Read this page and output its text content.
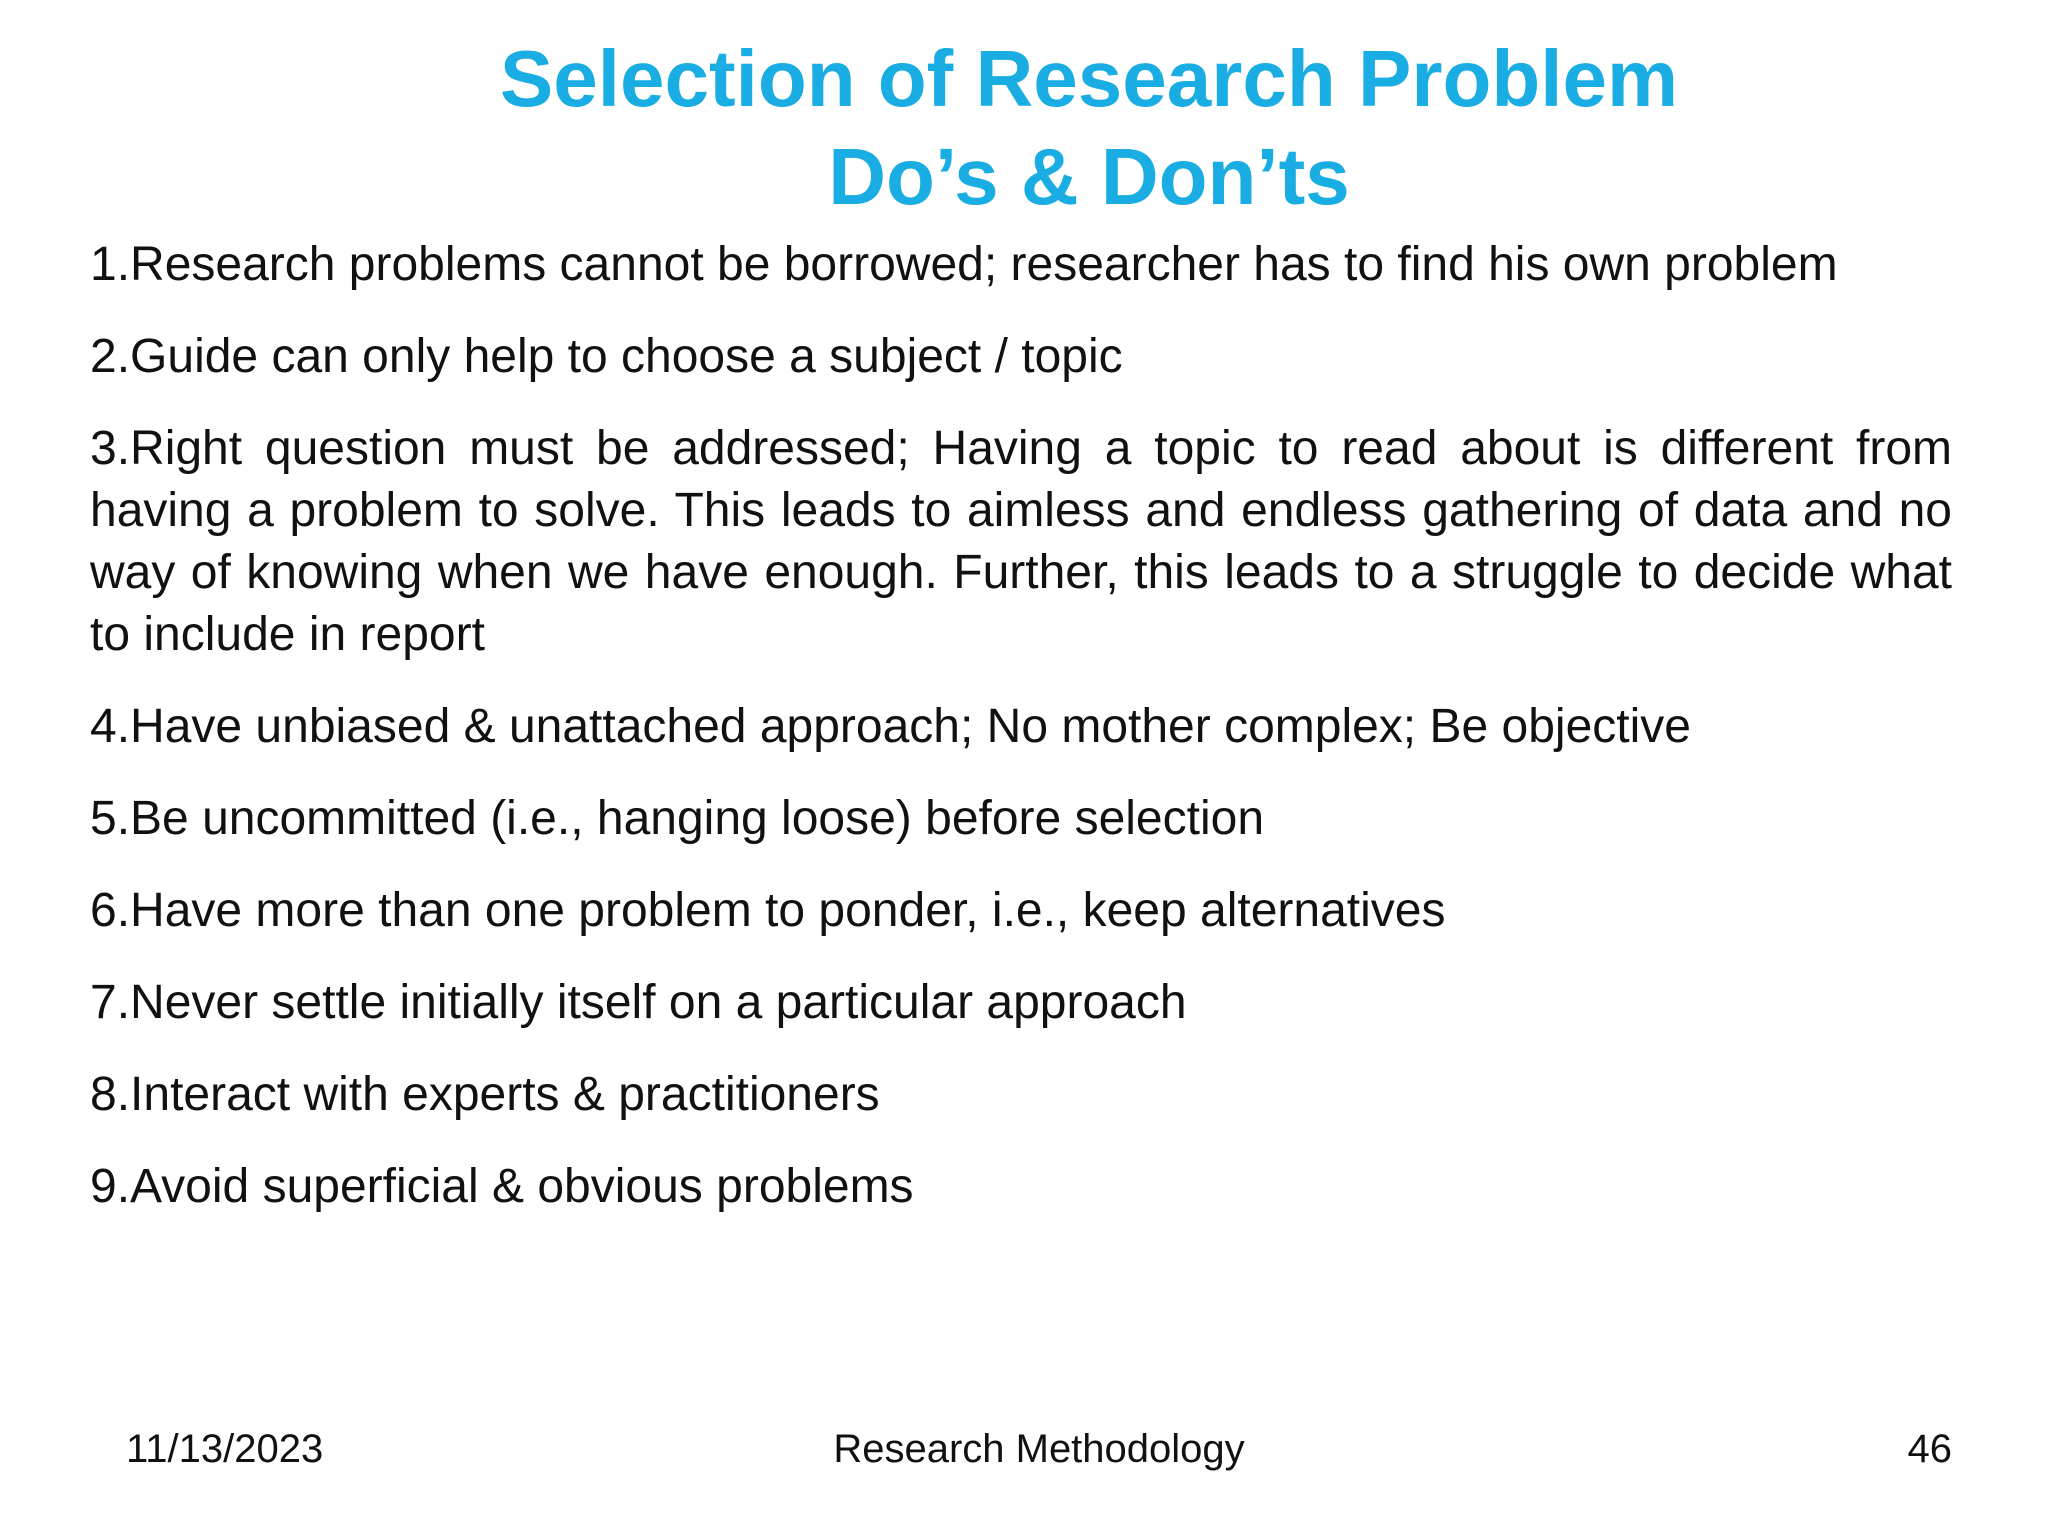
Selection of Research Problem
Do’s & Don’ts

1.Research problems cannot be borrowed; researcher has to find his own problem

2.Guide can only help to choose a subject / topic

3.Right question must be addressed; Having a topic to read about is different from having a problem to solve. This leads to aimless and endless gathering of data and no way of knowing when we have enough. Further, this leads to a struggle to decide what to include in report

4.Have unbiased & unattached approach; No mother complex; Be objective

5.Be uncommitted (i.e., hanging loose) before selection

6.Have more than one problem to ponder, i.e., keep alternatives

7.Never settle initially itself on a particular approach

8.Interact with experts & practitioners

9.Avoid superficial & obvious problems

11/13/2023	Research Methodology	46
